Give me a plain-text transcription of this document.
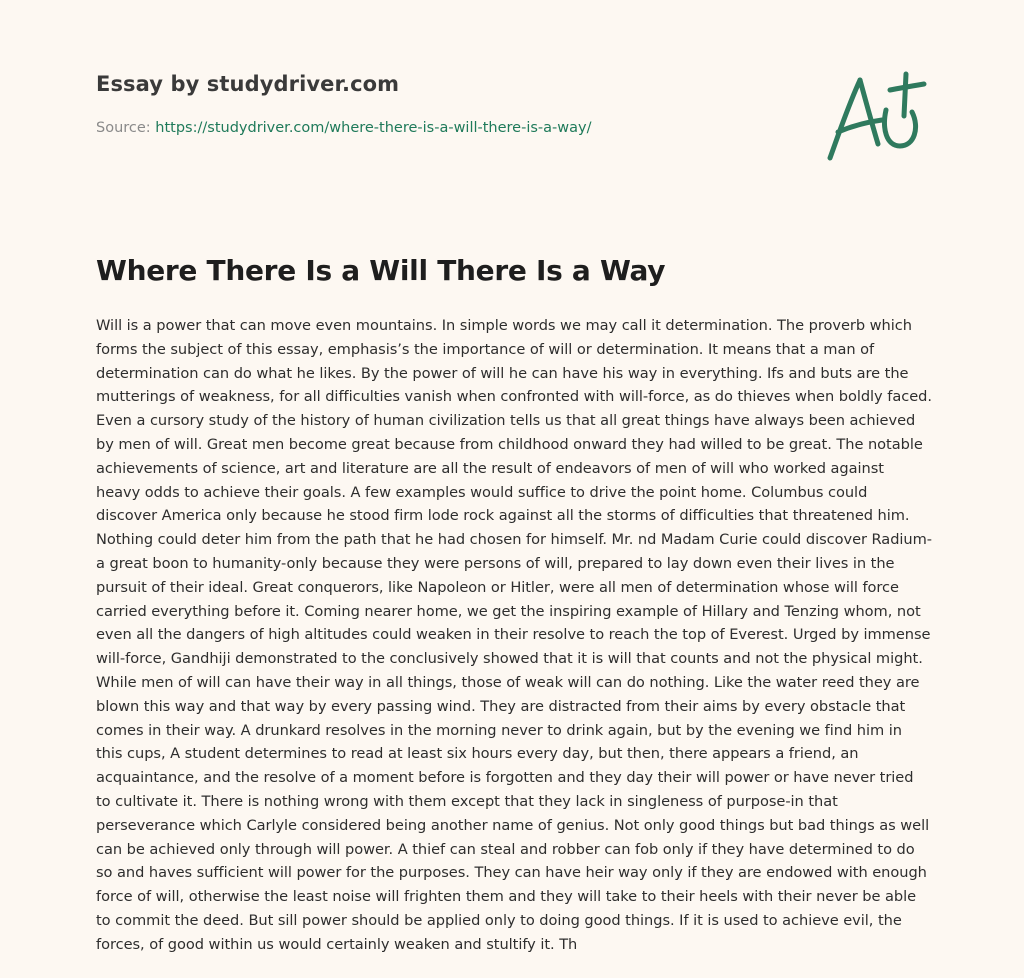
Essay by studydriver.com
Source: https://studydriver.com/where-there-is-a-will-there-is-a-way/
Where There Is a Will There Is a Way

Will is a power that can move even mountains. In simple words we may call it determination. The proverb which forms the subject of this essay, emphasis’s the importance of will or determination. It means that a man of determination can do what he likes. By the power of will he can have his way in everything. Ifs and buts are the mutterings of weakness, for all difficulties vanish when confronted with will-force, as do thieves when boldly faced. Even a cursory study of the history of human civilization tells us that all great things have always been achieved by men of will. Great men become great because from childhood onward they had willed to be great. The notable achievements of science, art and literature are all the result of endeavors of men of will who worked against heavy odds to achieve their goals. A few examples would suffice to drive the point home. Columbus could discover America only because he stood firm lode rock against all the storms of difficulties that threatened him. Nothing could deter him from the path that he had chosen for himself. Mr. nd Madam Curie could discover Radium- a great boon to humanity-only because they were persons of will, prepared to lay down even their lives in the pursuit of their ideal. Great conquerors, like Napoleon or Hitler, were all men of determination whose will force carried everything before it. Coming nearer home, we get the inspiring example of Hillary and Tenzing whom, not even all the dangers of high altitudes could weaken in their resolve to reach the top of Everest. Urged by immense will-force, Gandhiji demonstrated to the conclusively showed that it is will that counts and not the physical might. While men of will can have their way in all things, those of weak will can do nothing. Like the water reed they are blown this way and that way by every passing wind. They are distracted from their aims by every obstacle that comes in their way. A drunkard resolves in the morning never to drink again, but by the evening we find him in this cups, A student determines to read at least six hours every day, but then, there appears a friend, an acquaintance, and the resolve of a moment before is forgotten and they day their will power or have never tried to cultivate it. There is nothing wrong with them except that they lack in singleness of purpose-in that perseverance which Carlyle considered being another name of genius. Not only good things but bad things as well can be achieved only through will power. A thief can steal and robber can fob only if they have determined to do so and haves sufficient will power for the purposes. They can have heir way only if they are endowed with enough force of will, otherwise the least noise will frighten them and they will take to their heels with their never be able to commit the deed. But sill power should be applied only to doing good things. If it is used to achieve evil, the forces, of good within us would certainly weaken and stultify it. Th
